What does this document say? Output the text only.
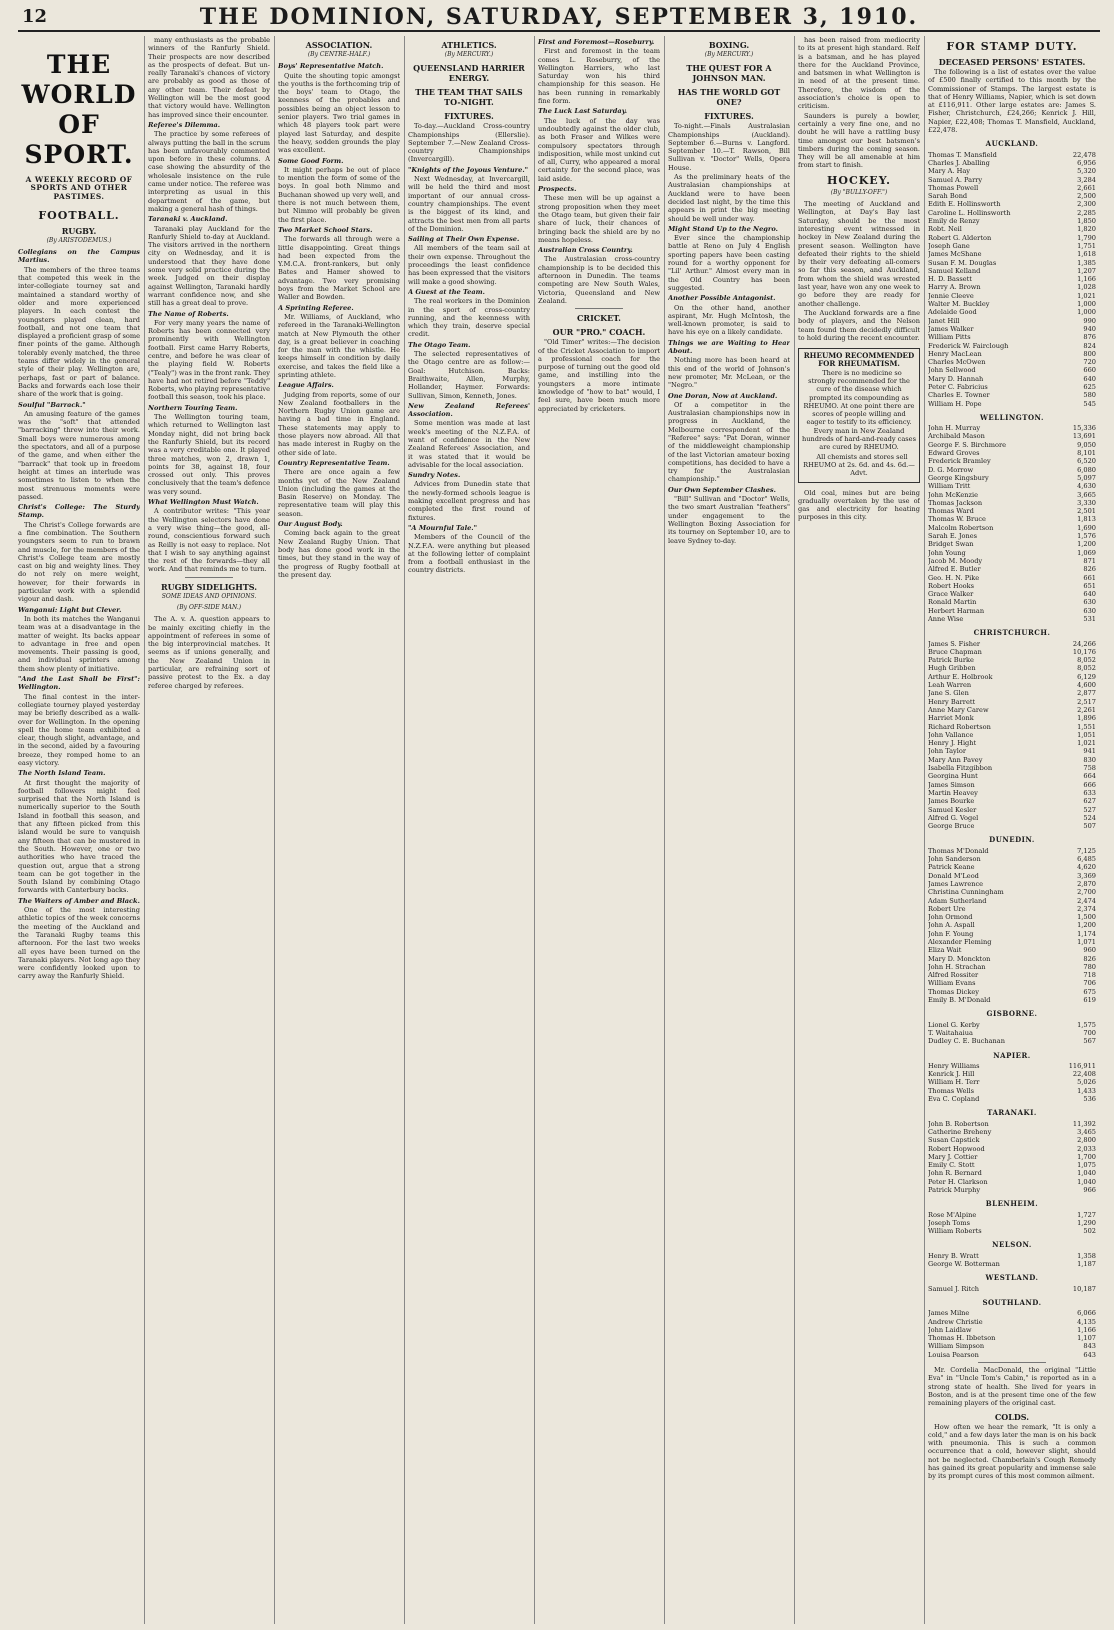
12	THE DOMINION, SATURDAY, SEPTEMBER 3, 1910.
THE WORLD OF SPORT.
A WEEKLY RECORD OF SPORTS AND OTHER PASTIMES.
FOOTBALL.
RUGBY.
(By ARISTODEMUS.)
Collegians on the Campus Martius.

The members of the three teams that competed this week in the inter-collegiate tourney sat and maintained a standard worthy of older and more experienced players. In each contest the youngsters played clean, hard football, and not one team that displayed a proficient grasp of some finer points of the game. Although tolerably evenly matched, the three teams differ widely in the general style of their play. Wellington are, perhaps, fast or part of balance. Backs and forwards each lose their share of the work that is going.

Soulful "Barrack."

An amusing feature of the games was the "soft" that attended "barracking" threw into their work. Small boys were numerous among the spectators, and all of a purpose of the game, and when either the "barrack" that took up in freedom height at times an interlude was sometimes to listen to when the most strenuous moments were passed.

Christ's College: The Sturdy Stamp.

The Christ's College forwards are a fine combination. The Southern youngsters seem to run to brawn and muscle, for the members of the Christ's College team are mostly cast on big and weighty lines. They do not rely on mere weight, however, for their forwards in particular work with a splendid vigour and dash.

Wanganui: Light but Clever.

In both its matches the Wanganui team was at a disadvantage in the matter of weight. Its backs appear to advantage in free and open movements. Their passing is good, and individual sprinters among them show plenty of initiative.

"And the Last Shall be First": Wellington.

The final contest in the inter-collegiate tourney played yesterday may be briefly described as a walk-over for Wellington. In the opening spell the home team exhibited a clear, though slight, advantage, and in the second, aided by a favouring breeze, they romped home to an easy victory.

The North Island Team.

At first thought the majority of football followers might feel surprised that the North Island is numerically superior to the South Island in football this season, and that any fifteen picked from this island would be sure to vanquish any fifteen that can be mustered in the South. However, one or two authorities who have traced the question out, argue that a strong team can be got together in the South Island by combining Otago forwards with Canterbury backs.

The Waiters of Amber and Black.

One of the most interesting athletic topics of the week concerns the meeting of the Auckland and the Taranaki Rugby teams this afternoon. For the last two weeks all eyes have been turned on the Taranaki players. Not long ago they were confidently looked upon to carry away the Ranfurly Shield.

many enthusiasts as the probable winners of the Ranfurly Shield. Their prospects are now described as the prospects of defeat. But un-really Taranaki's chances of victory are probably as good as those of any other team. Their defeat by Wellington will be the most good that victory would have. Wellington has improved since their encounter.

Referee's Dilemma.

The practice by some referees of always putting the ball in the scrum has been unfavourably commented upon before in these columns. A case showing the absurdity of the wholesale insistence on the rule came under notice. The referee was interpreting as usual in this department of the game, but making a general hash of things.

Taranaki v. Auckland.

Taranaki play Auckland for the Ranfurly Shield to-day at Auckland. The visitors arrived in the northern city on Wednesday, and it is understood that they have done some very solid practice during the week. Judged on their display against Wellington, Taranaki hardly warrant confidence now, and she still has a great deal to prove.

The Name of Roberts.

For very many years the name of Roberts has been connected very prominently with Wellington football. First came Harry Roberts, centre, and before he was clear of the playing field W. Roberts ("Tealy") was in the front rank. They have had not retired before "Teddy" Roberts, who playing representative football this season, took his place.

Northern Touring Team.

The Wellington touring team, which returned to Wellington last Monday night, did not bring back the Ranfurly Shield, but its record was a very creditable one. It played three matches, won 2, drawn 1, points for 38, against 18, four crossed out only. This proves conclusively that the team's defence was very sound.

What Wellington Must Watch.

A contributor writes: "This year the Wellington selectors have done a very wise thing—the good, all-round, conscientious forward such as Reilly is not easy to replace. Not that I wish to say anything against the rest of the forwards—they all work. And that reminds me to turn.

RUGBY SIDELIGHTS.
SOME IDEAS AND OPINIONS.
(By OFF-SIDE MAN.)

The A. v. A. question appears to be mainly exciting chiefly in the appointment of referees in some of the big interprovincial matches. It seems as if unions generally, and the New Zealand Union in particular, are refraining sort of passive protest to the Ex. a day referee charged by referees.

ASSOCIATION.
(By CENTRE-HALF.)
Boys' Representative Match.

Quite the shouting topic amongst the youths is the forthcoming trip of the boys' team to Otago, the keenness of the probables and possibles being an object lesson to senior players. Two trial games in which 48 players took part were played last Saturday, and despite the heavy, sodden grounds the play was excellent.

Some Good Form.

It might perhaps be out of place to mention the form of some of the boys. In goal both Nimmo and Buchanan showed up very well, and there is not much between them, but Nimmo will probably be given the first place.

Two Market School Stars.

The forwards all through were a little disappointing. Great things had been expected from the Y.M.C.A. front-rankers, but only Bates and Hamer showed to advantage. Two very promising boys from the Market School are Waller and Bowden.

A Sprinting Referee.

Mr. Williams, of Auckland, who refereed in the Taranaki-Wellington match at New Plymouth the other day, is a great believer in coaching for the man with the whistle. He keeps himself in condition by daily exercise, and takes the field like a sprinting athlete.

League Affairs.

Judging from reports, some of our New Zealand footballers in the Northern Rugby Union game are having a bad time in England. These statements may apply to those players now abroad. All that has made interest in Rugby on the other side of late.

Country Representative Team.

There are once again a few months yet of the New Zealand Union (including the games at the Basin Reserve) on Monday. The representative team will play this season.

Our August Body.

Coming back again to the great New Zealand Rugby Union. That body has done good work in the times, but they stand in the way of the progress of Rugby football at the present day.

ATHLETICS.
(By MERCURY.)
QUEENSLAND HARRIER ENERGY.
THE TEAM THAT SAILS TO-NIGHT.
FIXTURES.

To-day.—Auckland Cross-country Championships (Ellerslie). September 7.—New Zealand Cross-country Championships (Invercargill).

"Knights of the Joyous Venture."

Next Wednesday, at Invercargill, will be held the third and most important of our annual cross-country championships. The event is the biggest of its kind, and attracts the best men from all parts of the Dominion.

Sailing at Their Own Expense.

All members of the team sail at their own expense. Throughout the proceedings the least confidence has been expressed that the visitors will make a good showing.

A Guest at the Team.

The real workers in the Dominion in the sport of cross-country running, and the keenness with which they train, deserve special credit.

The Otago Team.

The selected representatives of the Otago centre are as follow:—Goal: Hutchison. Backs: Braithwaite, Allen, Murphy, Hollander, Haymer. Forwards: Sullivan, Simon, Kenneth, Jones.

New Zealand Referees' Association.

Some mention was made at last week's meeting of the N.Z.F.A. of want of confidence in the New Zealand Referees' Association, and it was stated that it would be advisable for the local association.

Sundry Notes.

Advices from Dunedin state that the newly-formed schools league is making excellent progress and has completed the first round of fixtures.

"A Mournful Tale."

Members of the Council of the N.Z.F.A. were anything but pleased at the following letter of complaint from a football enthusiast in the country districts.

First and Foremost—Roseburry.

First and foremost in the team comes L. Roseburry, of the Wellington Harriers, who last Saturday won his third championship for this season. He has been running in remarkably fine form.

The Luck Last Saturday.

The luck of the day was undoubtedly against the older club, as both Fraser and Wilkes were compulsory spectators through indisposition, while most unkind cut of all, Curry, who appeared a moral certainty for the second place, was laid aside.

Prospects.

These men will be up against a strong proposition when they meet the Otago team, but given their fair share of luck, their chances of bringing back the shield are by no means hopeless.

Australian Cross Country.

The Australasian cross-country championship is to be decided this afternoon in Dunedin. The teams competing are New South Wales, Victoria, Queensland and New Zealand.

CRICKET.
OUR "PRO." COACH.

"Old Timer" writes:—The decision of the Cricket Association to import a professional coach for the purpose of turning out the good old game, and instilling into the youngsters a more intimate knowledge of "how to bat" would, I feel sure, have been much more appreciated by cricketers.

BOXING.
(By MERCURY.)
THE QUEST FOR A JOHNSON MAN.
HAS THE WORLD GOT ONE?
FIXTURES.

To-night.—Finals Australasian Championships (Auckland). September 6.—Burns v. Langford. September 10.—T. Rawson, Bill Sullivan v. "Doctor" Wells, Opera House.

As the preliminary heats of the Australasian championships at Auckland were to have been decided last night, by the time this appears in print the big meeting should be well under way.

Might Stand Up to the Negro.

Ever since the championship battle at Reno on July 4 English sporting papers have been casting round for a worthy opponent for "Lil' Arthur." Almost every man in the Old Country has been suggested.

Another Possible Antagonist.

On the other hand, another aspirant, Mr. Hugh McIntosh, the well-known promoter, is said to have his eye on a likely candidate.

Things we are Waiting to Hear About.

Nothing more has been heard at this end of the world of Johnson's new promoter, Mr. McLean, or the "Negro."

One Doran, Now at Auckland.

Of a competitor in the Australasian championships now in progress in Auckland, the Melbourne correspondent of the "Referee" says: "Pat Doran, winner of the middleweight championship of the last Victorian amateur boxing competitions, has decided to have a try for the Australasian championship."

Our Own September Clashes.

"Bill" Sullivan and "Doctor" Wells, the two smart Australian "feathers" under engagement to the Wellington Boxing Association for its tourney on September 10, are to leave Sydney to-day.

has been raised from mediocrity to its at present high standard. Relf is a batsman, and he has played there for the Auckland Province, and batsmen in what Wellington is in need of at the present time. Therefore, the wisdom of the association's choice is open to criticism.

Saunders is purely a bowler, certainly a very fine one, and no doubt he will have a rattling busy time amongst our best batsmen's timbers during the coming season. They will be all amenable at him from start to finish.

HOCKEY.
(By "BULLY-OFF.")

The meeting of Auckland and Wellington, at Day's Bay last Saturday, should be the most interesting event witnessed in hockey in New Zealand during the present season. Wellington have defeated their rights to the shield by their very defeating all-comers so far this season, and Auckland, from whom the shield was wrested last year, have won any one week to go before they are ready for another challenge.

The Auckland forwards are a fine body of players, and the Nelson team found them decidedly difficult to hold during the recent encounter.

RHEUMO RECOMMENDED FOR RHEUMATISM.

There is no medicine so strongly recommended for the cure of the disease which prompted its compounding as RHEUMO. At one point there are scores of people willing and eager to testify to its efficiency. Every man in New Zealand hundreds of hard-and-ready cases are cured by RHEUMO.

All chemists and stores sell RHEUMO at 2s. 6d. and 4s. 6d.—Advt.

Old coal, mines but are being gradually overtaken by the use of gas and electricity for heating purposes in this city.

FOR STAMP DUTY.
DECEASED PERSONS' ESTATES.

The following is a list of estates over the value of £500 finally certified to this month by the Commissioner of Stamps. The largest estate is that of Henry Williams, Napier, which is set down at £116,911. Other large estates are: James S. Fisher, Christchurch, £24,266; Kenrick J. Hill, Napier, £22,408; Thomas T. Mansfield, Auckland, £22,478.

AUCKLAND.
Thomas T. Mansfield	22,478
Charles J. Aballing	6,956
Mary A. Hay	5,320
Samuel A. Parry	3,284
Thomas Powell	2,661
Sarah Bond	2,500
Edith E. Hollinsworth	2,300
Caroline L. Hollinsworth	2,285
Emily de Renzy	1,850
Robt. Neil	1,820
Robert G. Alderton	1,790
Joseph Gane	1,751
James McShane	1,618
Susan F. M. Douglas	1,385
Samuel Kelland	1,207
H. D. Bassett	1,166
Harry A. Brown	1,028
Jennie Cleeve	1,021
Walter M. Buckley	1,000
Adelaide Good	1,000
Janet Hill	990
James Walker	940
William Pitts	876
Frederick W. Fairclough	824
Henry MacLean	800
Charles McOwen	720
John Sellwood	660
Mary D. Hannah	640
Peter C. Fabricius	625
Charles E. Towner	580
William H. Pope	545
WELLINGTON.
John H. Murray	15,336
Archibald Mason	13,691
George F. S. Birchmore	9,050
Edward Groves	8,101
Frederick Bramley	6,520
D. G. Morrow	6,080
George Kingsbury	5,097
William Tritt	4,630
John McKenzie	3,665
Thomas Jackson	3,330
Thomas Ward	2,501
Thomas W. Bruce	1,813
Malcolm Robertson	1,690
Sarah E. Jones	1,576
Bridget Swan	1,200
John Young	1,069
Jacob M. Moody	871
Alfred E. Butler	826
Geo. H. N. Pike	661
Robert Hooks	651
Grace Walker	640
Ronald Martin	630
Herbert Harman	630
Anne Wise	531
CHRISTCHURCH.
James S. Fisher	24,266
Bruce Chapman	10,176
Patrick Burke	8,052
Hugh Gribben	8,052
Arthur E. Holbrook	6,129
Leah Warren	4,600
Jane S. Glen	2,877
Henry Barrett	2,517
Anne Mary Carew	2,261
Harriet Monk	1,896
Richard Robertson	1,551
John Vallance	1,051
Henry J. Hight	1,021
John Taylor	941
Mary Ann Pavey	830
Isabella Fitzgibbon	758
Georgina Hunt	664
James Simson	666
Martin Heavey	633
James Bourke	627
Samuel Kesler	527
Alfred G. Vogel	524
George Bruce	507
DUNEDIN.
Thomas M'Donald	7,125
John Sanderson	6,485
Patrick Keane	4,620
Donald M'Leod	3,369
James Lawrence	2,870
Christina Cunningham	2,700
Adam Sutherland	2,474
Robert Ure	2,374
John Ormond	1,500
John A. Aspall	1,200
John F. Young	1,174
Alexander Fleming	1,071
Eliza Wait	960
Mary D. Monckton	826
John H. Strachan	780
Alfred Rossiter	718
William Evans	706
Thomas Dickey	675
Emily B. M'Donald	619
GISBORNE.
Lionel G. Kerby	1,575
T. Waitahaiua	700
Dudley C. E. Buchanan	567
NAPIER.
Henry Williams	116,911
Kenrick J. Hill	22,408
William H. Terr	5,026
Thomas Wells	1,433
Eva C. Copland	536
TARANAKI.
John B. Robertson	11,392
Catherine Breheny	3,465
Susan Capstick	2,800
Robert Hopwood	2,033
Mary J. Cottier	1,700
Emily C. Stott	1,075
John R. Bernard	1,040
Peter H. Clarkson	1,040
Patrick Murphy	966
BLENHEIM.
Rose M'Alpine	1,727
Joseph Toms	1,290
William Roberts	502
NELSON.
Henry B. Wratt	1,358
George W. Botterman	1,187
WESTLAND.
Samuel J. Ritch	10,187
SOUTHLAND.
James Milne	6,066
Andrew Christie	4,135
John Laidlaw	1,166
Thomas H. Ibbetson	1,107
William Simpson	843
Louisa Pearson	643

Mr. Cordelia MacDonald, the original "Little Eva" in "Uncle Tom's Cabin," is reported as in a strong state of health. She lived for years in Boston, and is at the present time one of the few remaining players of the original cast.

COLDS.

How often we hear the remark, "It is only a cold," and a few days later the man is on his back with pneumonia. This is such a common occurrence that a cold, however slight, should not be neglected. Chamberlain's Cough Remedy has gained its great popularity and immense sale by its prompt cures of this most common ailment.
